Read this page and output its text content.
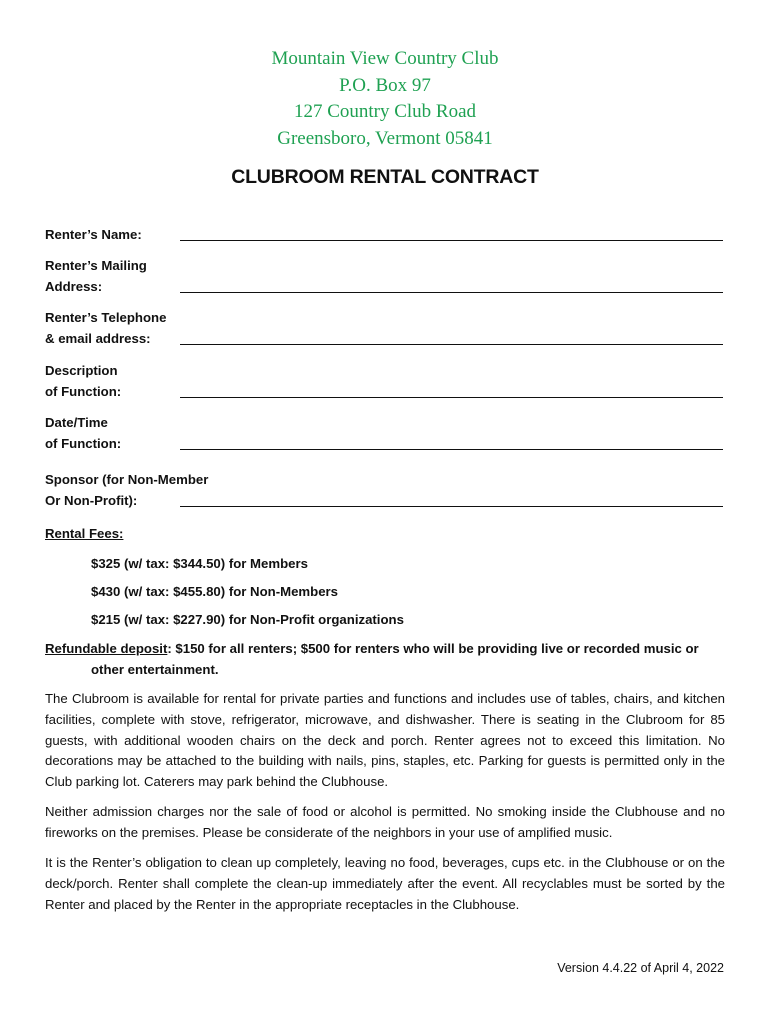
Mountain View Country Club
P.O. Box 97
127 Country Club Road
Greensboro, Vermont 05841
CLUBROOM RENTAL CONTRACT
Renter’s Name:
Renter’s Mailing
Address:
Renter’s Telephone
& email address:
Description
of Function:
Date/Time
of Function:
Sponsor (for Non-Member
Or Non-Profit):
Rental Fees:
$325 (w/ tax: $344.50) for Members
$430 (w/ tax: $455.80) for Non-Members
$215 (w/ tax: $227.90) for Non-Profit organizations
Refundable deposit: $150 for all renters; $500 for renters who will be providing live or recorded music or
other entertainment.
The Clubroom is available for rental for private parties and functions and includes use of tables, chairs, and kitchen facilities, complete with stove, refrigerator, microwave, and dishwasher. There is seating in the Clubroom for 85 guests, with additional wooden chairs on the deck and porch. Renter agrees not to exceed this limitation. No decorations may be attached to the building with nails, pins, staples, etc. Parking for guests is permitted only in the Club parking lot. Caterers may park behind the Clubhouse.
Neither admission charges nor the sale of food or alcohol is permitted. No smoking inside the Clubhouse and no fireworks on the premises. Please be considerate of the neighbors in your use of amplified music.
It is the Renter’s obligation to clean up completely, leaving no food, beverages, cups etc. in the Clubhouse or on the deck/porch. Renter shall complete the clean-up immediately after the event. All recyclables must be sorted by the Renter and placed by the Renter in the appropriate receptacles in the Clubhouse.
Version 4.4.22 of April 4, 2022
